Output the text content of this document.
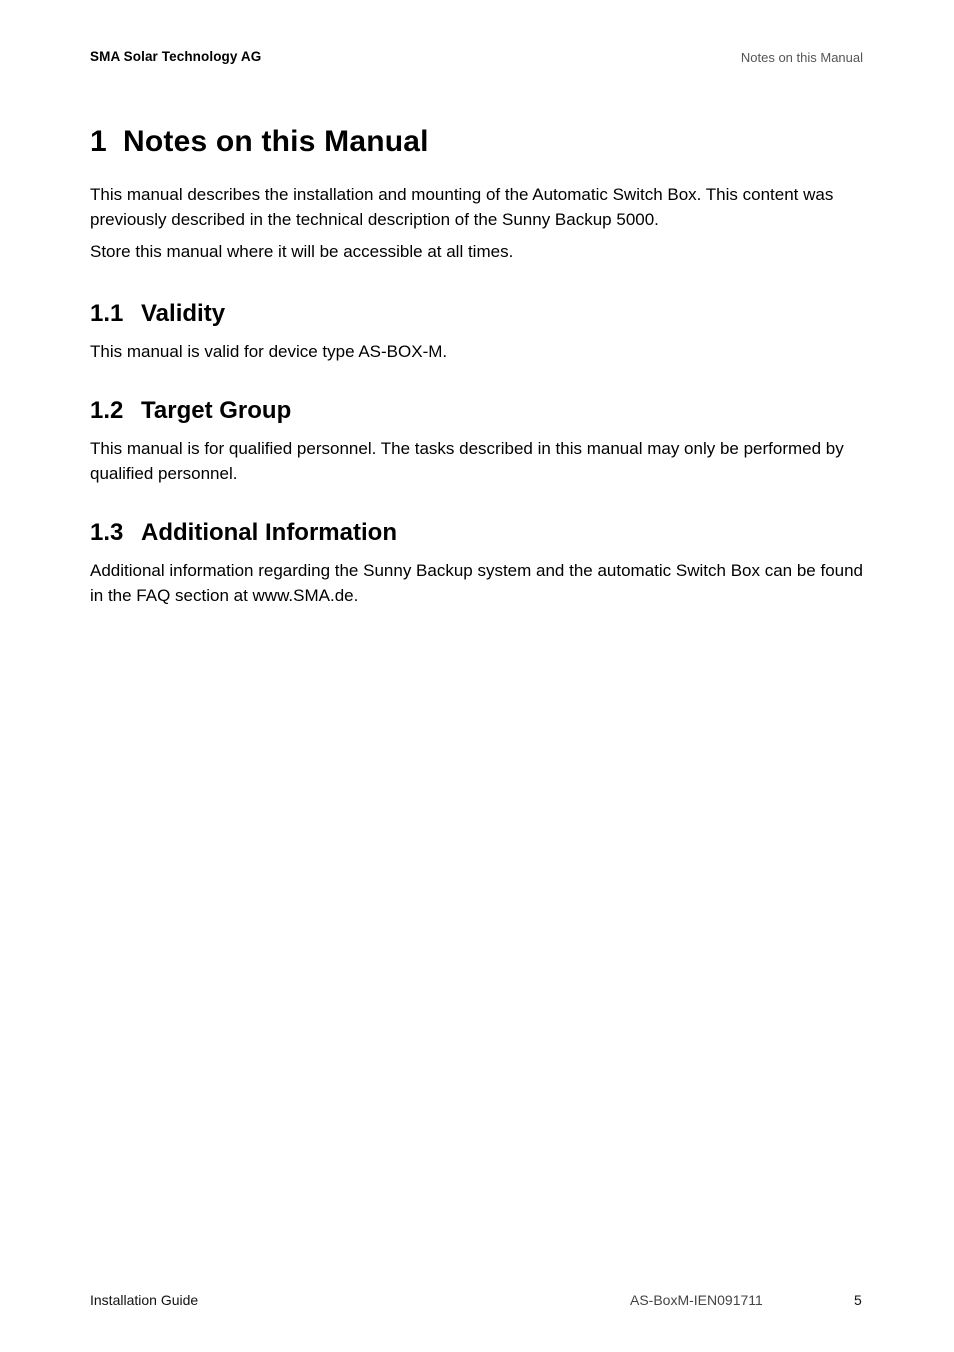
SMA Solar Technology AG	Notes on this Manual
1 Notes on this Manual

This manual describes the installation and mounting of the Automatic Switch Box. This content was previously described in the technical description of the Sunny Backup 5000.

Store this manual where it will be accessible at all times.

1.1 Validity

This manual is valid for device type AS-BOX-M.

1.2 Target Group

This manual is for qualified personnel. The tasks described in this manual may only be performed by qualified personnel.

1.3 Additional Information

Additional information regarding the Sunny Backup system and the automatic Switch Box can be found in the FAQ section at www.SMA.de.

Installation Guide	AS-BoxM-IEN091711	5
